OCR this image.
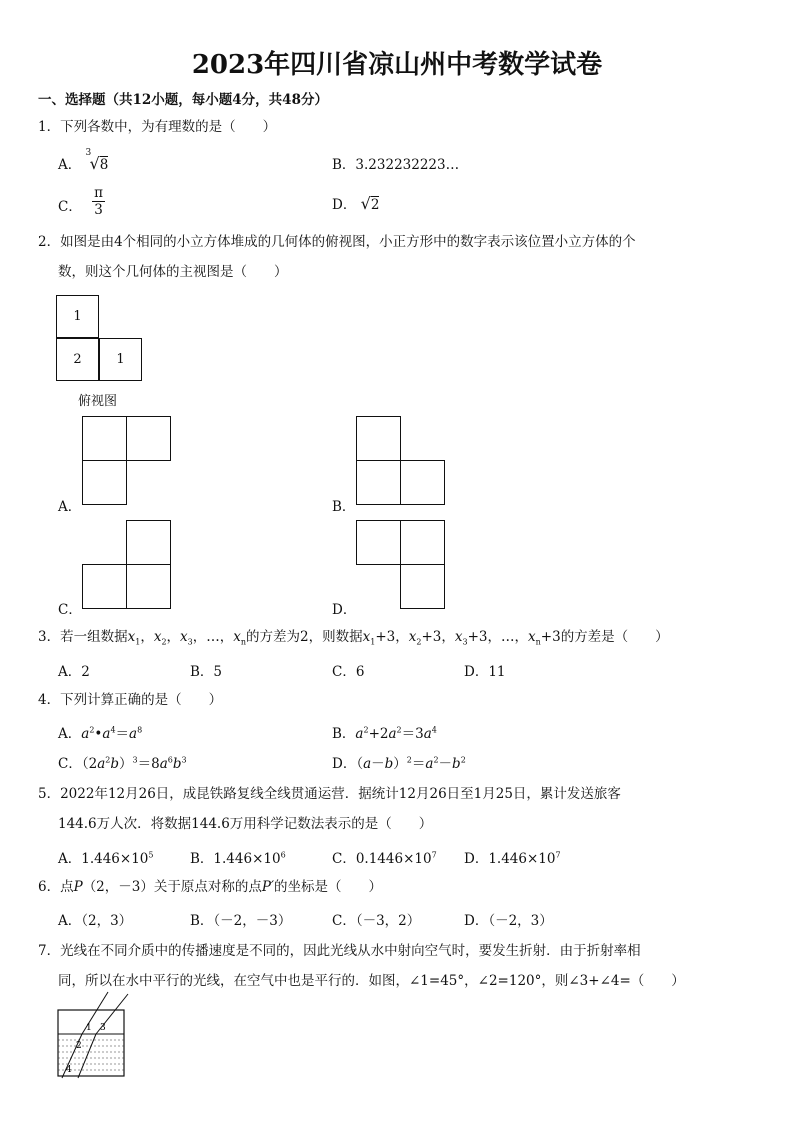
2023年四川省凉山州中考数学试卷
一、选择题（共12小题，每小题4分，共48分）
1．下列各数中，为有理数的是（　　）
A．
3
√8	B．3.232232223…
C． $\frac{\pi}{3}$	D． √2
2．如图是由4个相同的小立方体堆成的几何体的俯视图，小正方形中的数字表示该位置小立方体的个
数，则这个几何体的主视图是（　　）
1
2	1
俯视图
A．	B．
C．	D．
3．若一组数据$x_1$，$x_2$，$x_3$，…，$x_n$的方差为2，则数据$x_1+3$，$x_2+3$，$x_3+3$，…，$x_n+3$的方差是（　　）
A．2	B．5	C．6	D．11
4．下列计算正确的是（　　）
A．$a^2•a^4=a^8$	B．$a^2+2a^2=3a^4$
C．$(2a^2b)^3=8a^6b^3$	D．$(a-b)^2=a^2-b^2$
5．2022年12月26日，成昆铁路复线全线贯通运营．据统计12月26日至1月25日，累计发送旅客
144.6万人次．将数据144.6万用科学记数法表示的是（　　）
A．$1.446\times 10^5$	B．$1.446\times 10^6$	C．$0.1446\times 10^7$ D．$1.446\times 10^7$
6．点P（2，－3）关于原点对称的点P′的坐标是（　　）
A．（2，3）	B．（－2，－3）	C．（－3，2）	D．（－2，3）
7．光线在不同介质中的传播速度是不同的，因此光线从水中射向空气时，要发生折射．由于折射率相
同，所以在水中平行的光线，在空气中也是平行的．如图，∠1=45°，∠2=120°，则∠3+∠4=（　　）
1
2
3
4
